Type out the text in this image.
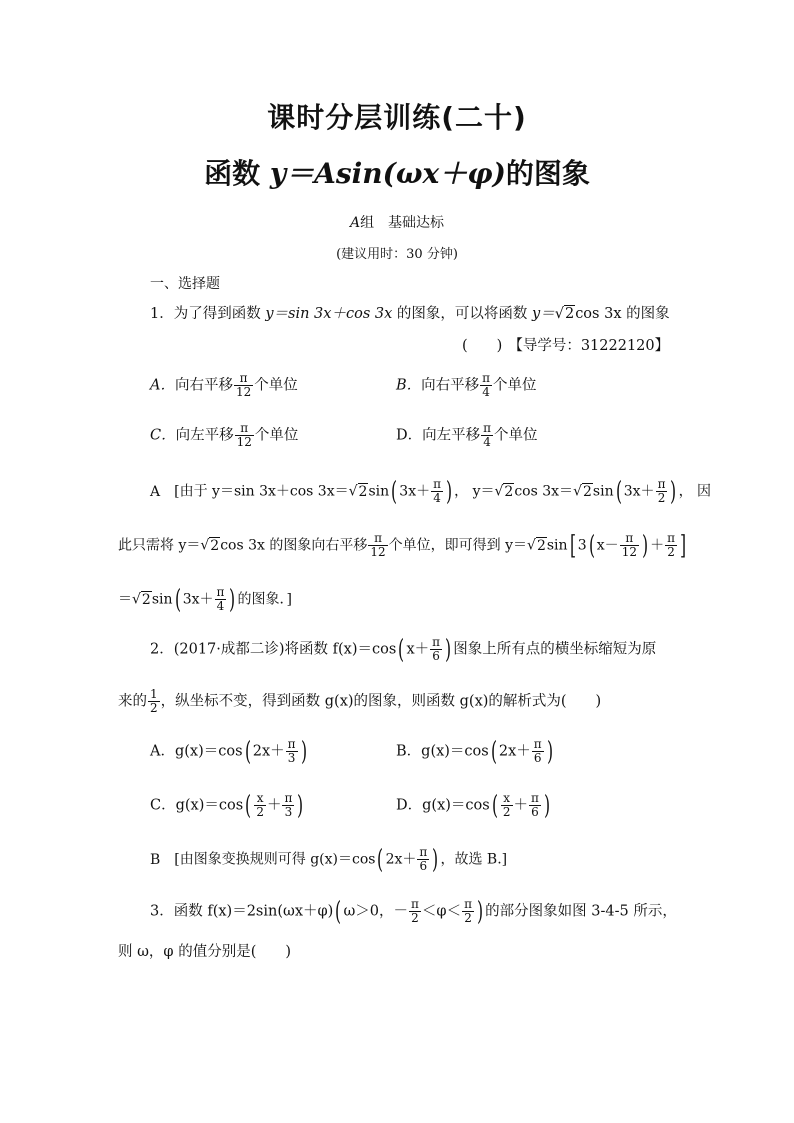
课时分层训练(二十)
函数 y＝Asin(ωx＋φ)的图象
A组　基础达标
(建议用时：30 分钟)
一、选择题
1．为了得到函数 y＝sin 3x＋cos 3x 的图象，可以将函数 y＝√2cos 3x 的图象
(　　) 【导学号：31222120】
A．向右平移 $\frac{\pi}{12}$ 个单位	B．向右平移 $\frac{\pi}{4}$ 个单位
C．向左平移 $\frac{\pi}{12}$ 个单位	D．向左平移 $\frac{\pi}{4}$ 个单位
A [由于 y＝sin 3x＋cos 3x＝√2sin( $3x+ \frac{\pi}{4}$ ) ， y＝√2cos 3x＝√2sin( $3x+ \frac{\pi}{2}$ ) ， 因
此只需将 y＝√2cos 3x 的图象向右平移 $\frac{\pi}{12}$ 个单位，即可得到 y＝√2sin[ 3( $x- \frac{\pi}{12}$ ) ＋ $\frac{\pi}{2}$ ]
＝√2sin( $3x+ \frac{\pi}{4}$ ) 的图象．]
2．(2017·成都二诊)将函数 f(x)＝cos( $x+ \frac{\pi}{6}$ ) 图象上所有点的横坐标缩短为原
来的 $\frac{1}{2}$ ，纵坐标不变，得到函数 g(x)的图象，则函数 g(x)的解析式为(　　)
A．g(x)＝cos( $2x+ \frac{\pi}{3}$ )	B．g(x)＝cos( $2x+ \frac{\pi}{6}$ )
C．$g(x)=\cos( \frac{x}{2} + \frac{\pi}{3}$ )	D．$g(x)=\cos( \frac{x}{2} + \frac{\pi}{6}$ )
B [由图象变换规则可得 g(x)＝cos( $2x+ \frac{\pi}{6}$ ) ，故选 B.]
3．函数 f(x)＝2sin(ωx＋φ)( ω＞0，－ $\frac{\pi}{2} <\varphi< \frac{\pi}{2}$ ) 的部分图象如图 3-4-5 所示，
则 ω，φ 的值分别是(　　)
